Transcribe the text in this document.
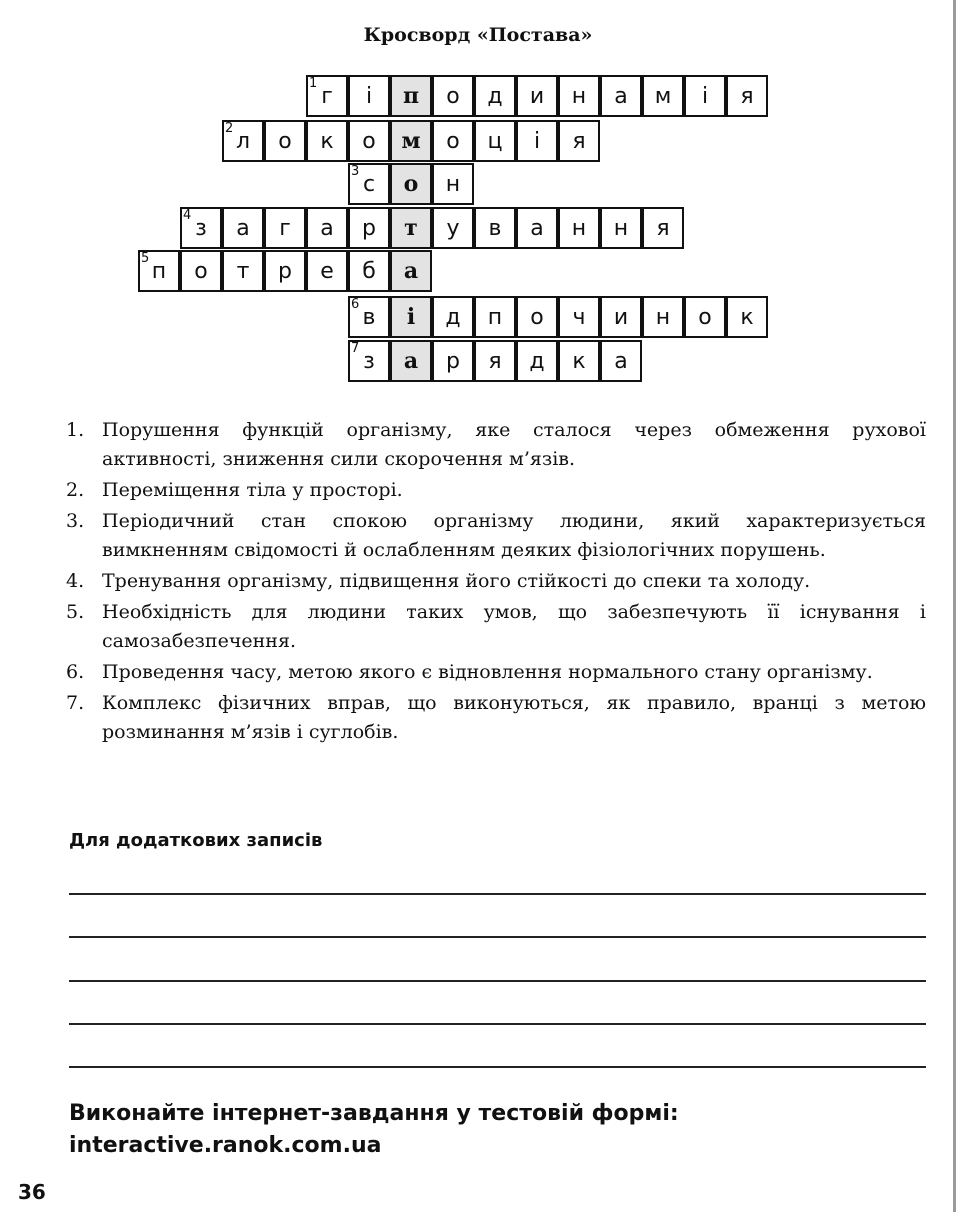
Кросворд «Постава»
г	і	п	о	д	и	н	а	м	і	я
1
л	о	к	о	м	о	ц	і	я
2
с	о	н
3
з	а	г	а	р	т	у	в	а	н	н	я
4
п	о	т	р	е	б	а
5
в	і	д	п	о	ч	и	н	о	к
6
з	а	р	я	д	к	а
7
1. Порушення функцій організму, яке сталося через обмеження рухової активності, зниження сили скорочення м’язів.
2. Переміщення тіла у просторі.
3. Періодичний стан спокою організму людини, який характеризується вимкненням свідомості й ослабленням деяких фізіологічних порушень.
4. Тренування організму, підвищення його стійкості до спеки та холоду.
5. Необхідність для людини таких умов, що забезпечують її існування і самозабезпечення.
6. Проведення часу, метою якого є відновлення нормального стану організму.
7. Комплекс фізичних вправ, що виконуються, як правило, вранці з метою розминання м’язів і суглобів.
Для додаткових записів
Виконайте інтернет-завдання у тестовій формі:
interactive.ranok.com.ua
36
